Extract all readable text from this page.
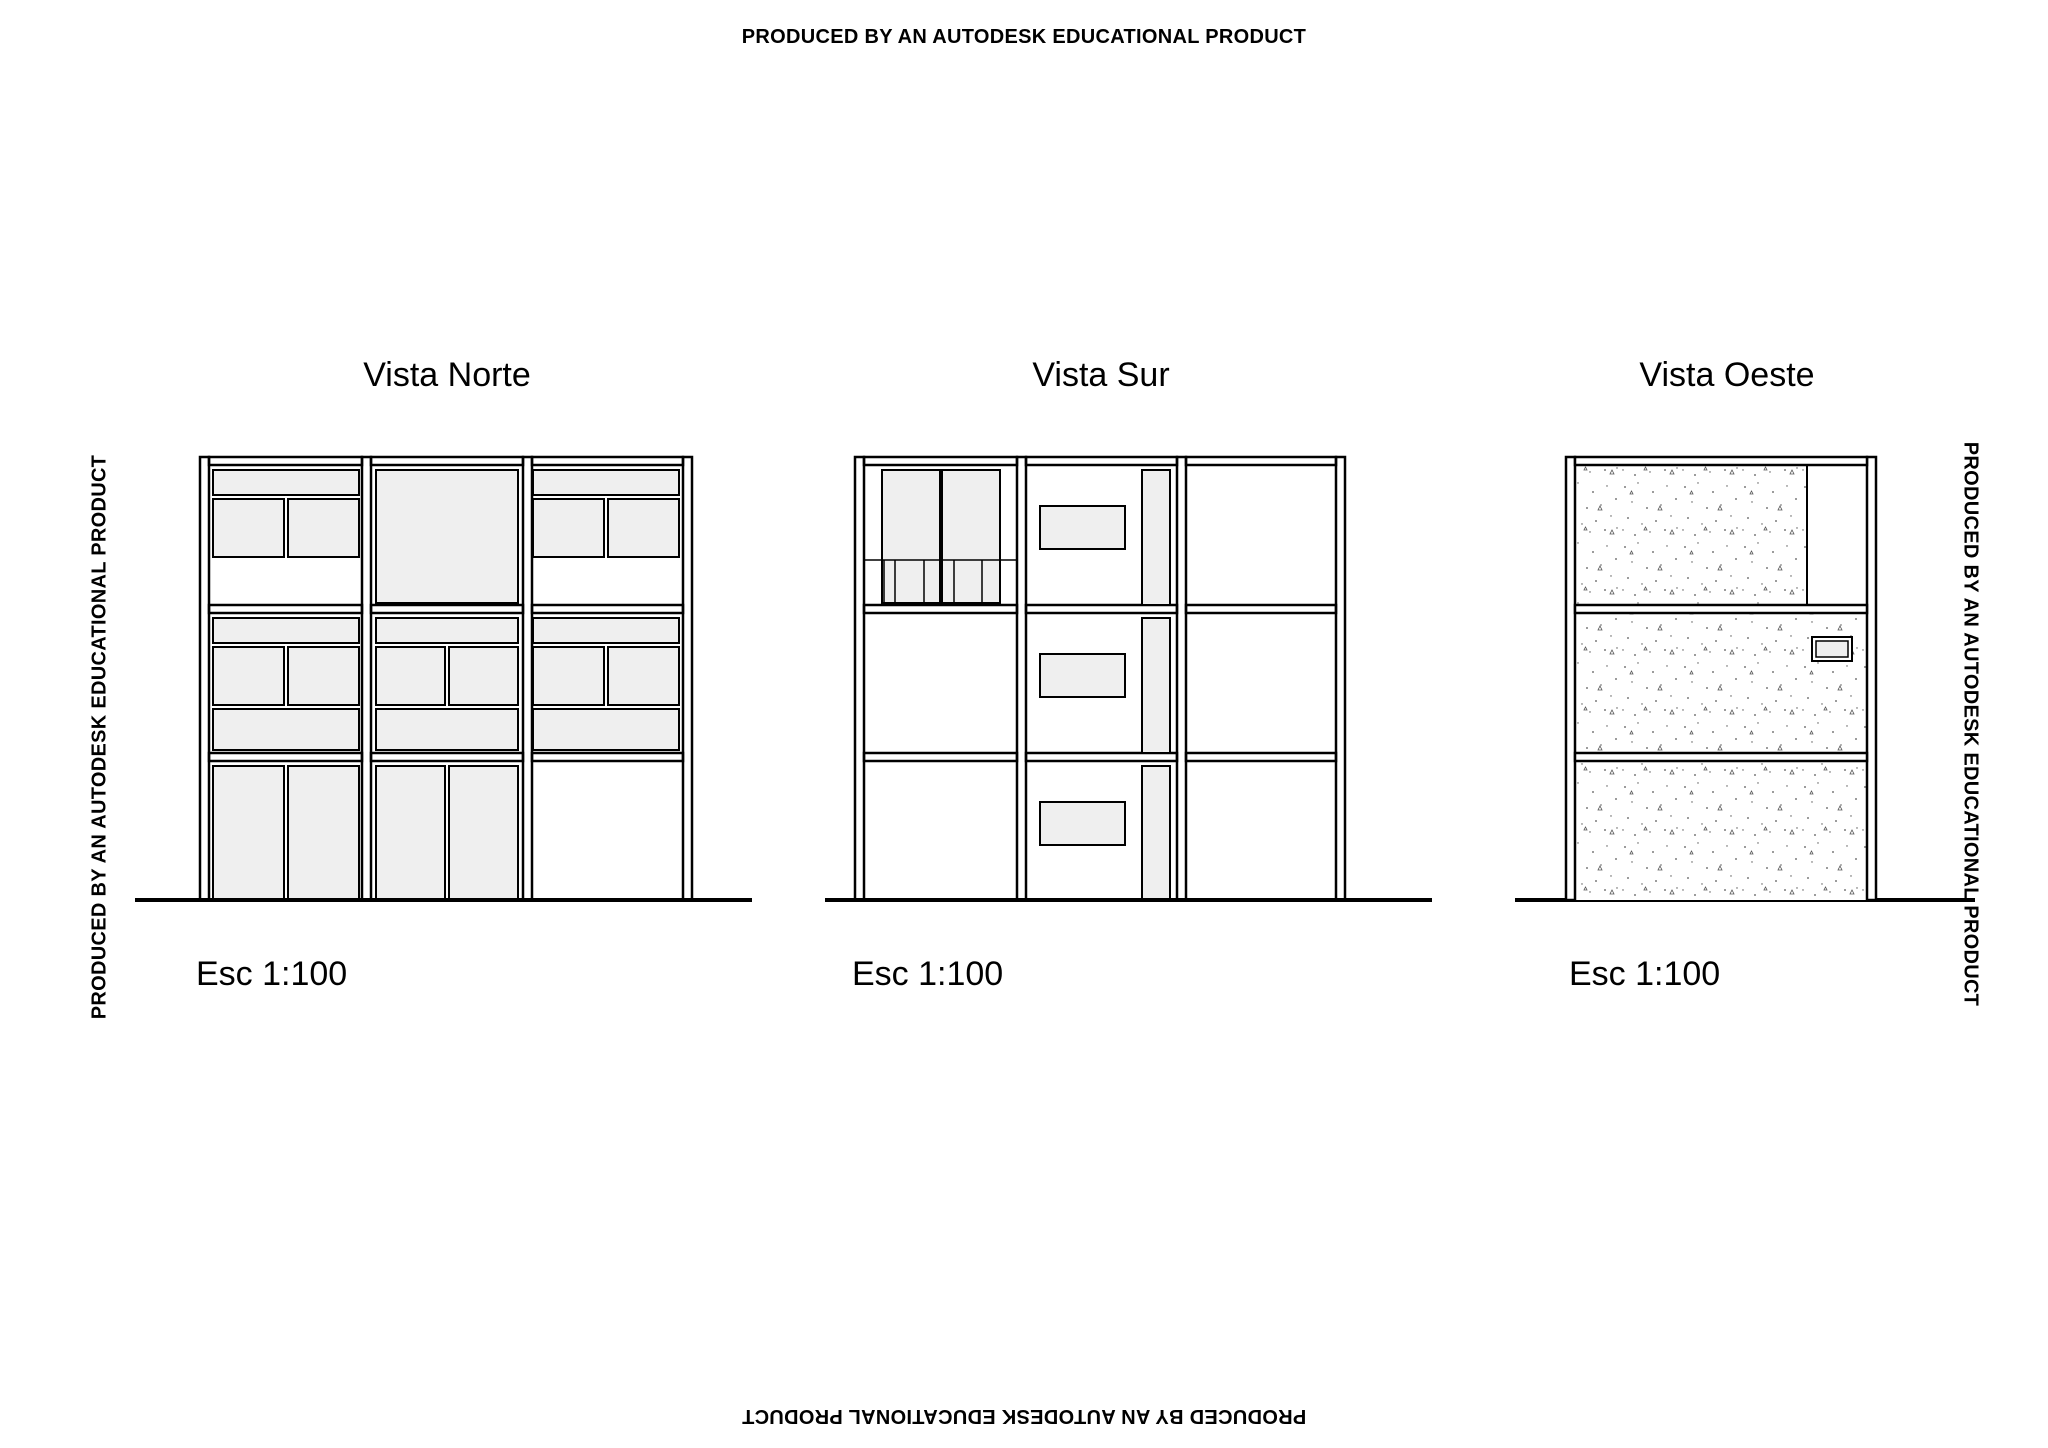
PRODUCED BY AN AUTODESK EDUCATIONAL PRODUCT
PRODUCED BY AN AUTODESK EDUCATIONAL PRODUCT
PRODUCED BY AN AUTODESK EDUCATIONAL PRODUCT	PRODUCED BY AN AUTODESK EDUCATIONAL PRODUCT
Vista Norte	Vista Sur	Vista Oeste
Esc 1:100	Esc 1:100	Esc 1:100
